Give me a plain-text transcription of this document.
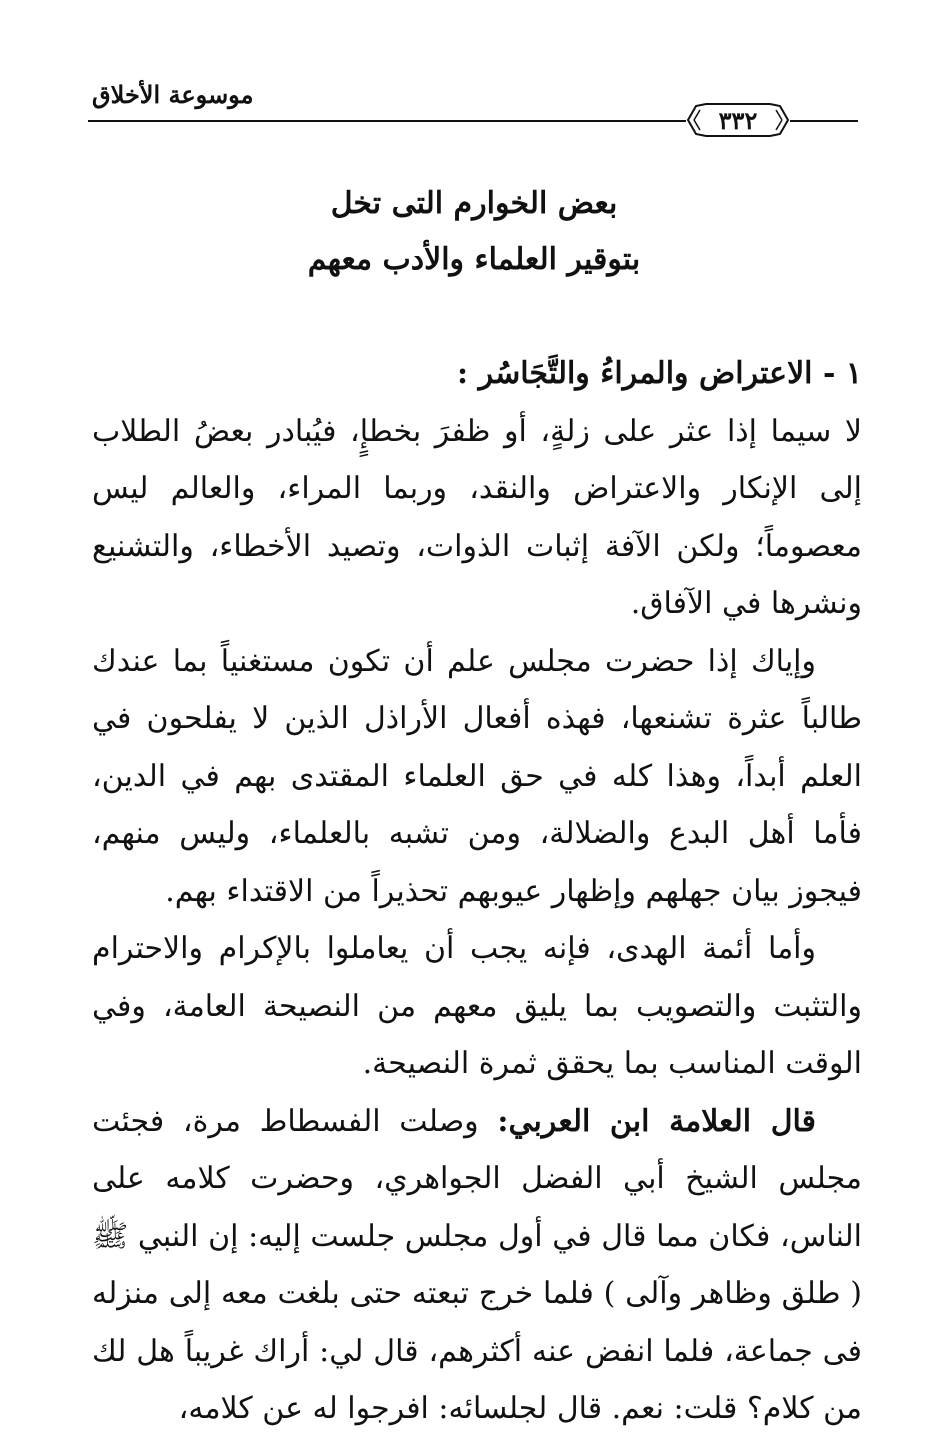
موسوعة الأخلاق
٣٣٢
بعض الخوارم التى تخل
بتوقير العلماء والأدب معهم

١ - الاعتراض والمراءُ والتَّجَاسُر :

لا سيما إذا عثر على زلةٍ، أو ظفرَ بخطإٍ، فيُبادر بعضُ الطلاب إلى الإنكار والاعتراض والنقد، وربما المراء، والعالم ليس معصوماً؛ ولكن الآفة إثبات الذوات، وتصيد الأخطاء، والتشنيع ونشرها في الآفاق.

وإياك إذا حضرت مجلس علم أن تكون مستغنياً بما عندك طالباً عثرة تشنعها، فهذه أفعال الأراذل الذين لا يفلحون في العلم أبداً، وهذا كله في حق العلماء المقتدى بهم في الدين، فأما أهل البدع والضلالة، ومن تشبه بالعلماء، وليس منهم، فيجوز بيان جهلهم وإظهار عيوبهم تحذيراً من الاقتداء بهم.

وأما أئمة الهدى، فإنه يجب أن يعاملوا بالإكرام والاحترام والتثبت والتصويب بما يليق معهم من النصيحة العامة، وفي الوقت المناسب بما يحقق ثمرة النصيحة.

قال العلامة ابن العربي: وصلت الفسطاط مرة، فجئت مجلس الشيخ أبي الفضل الجواهري، وحضرت كلامه على الناس، فكان مما قال في أول مجلس جلست إليه: إن النبي ﷺ ( طلق وظاهر وآلى ) فلما خرج تبعته حتى بلغت معه إلى منزله فى جماعة، فلما انفض عنه أكثرهم، قال لي: أراك غريباً هل لك من كلام؟ قلت: نعم. قال لجلسائه: افرجوا له عن كلامه،
